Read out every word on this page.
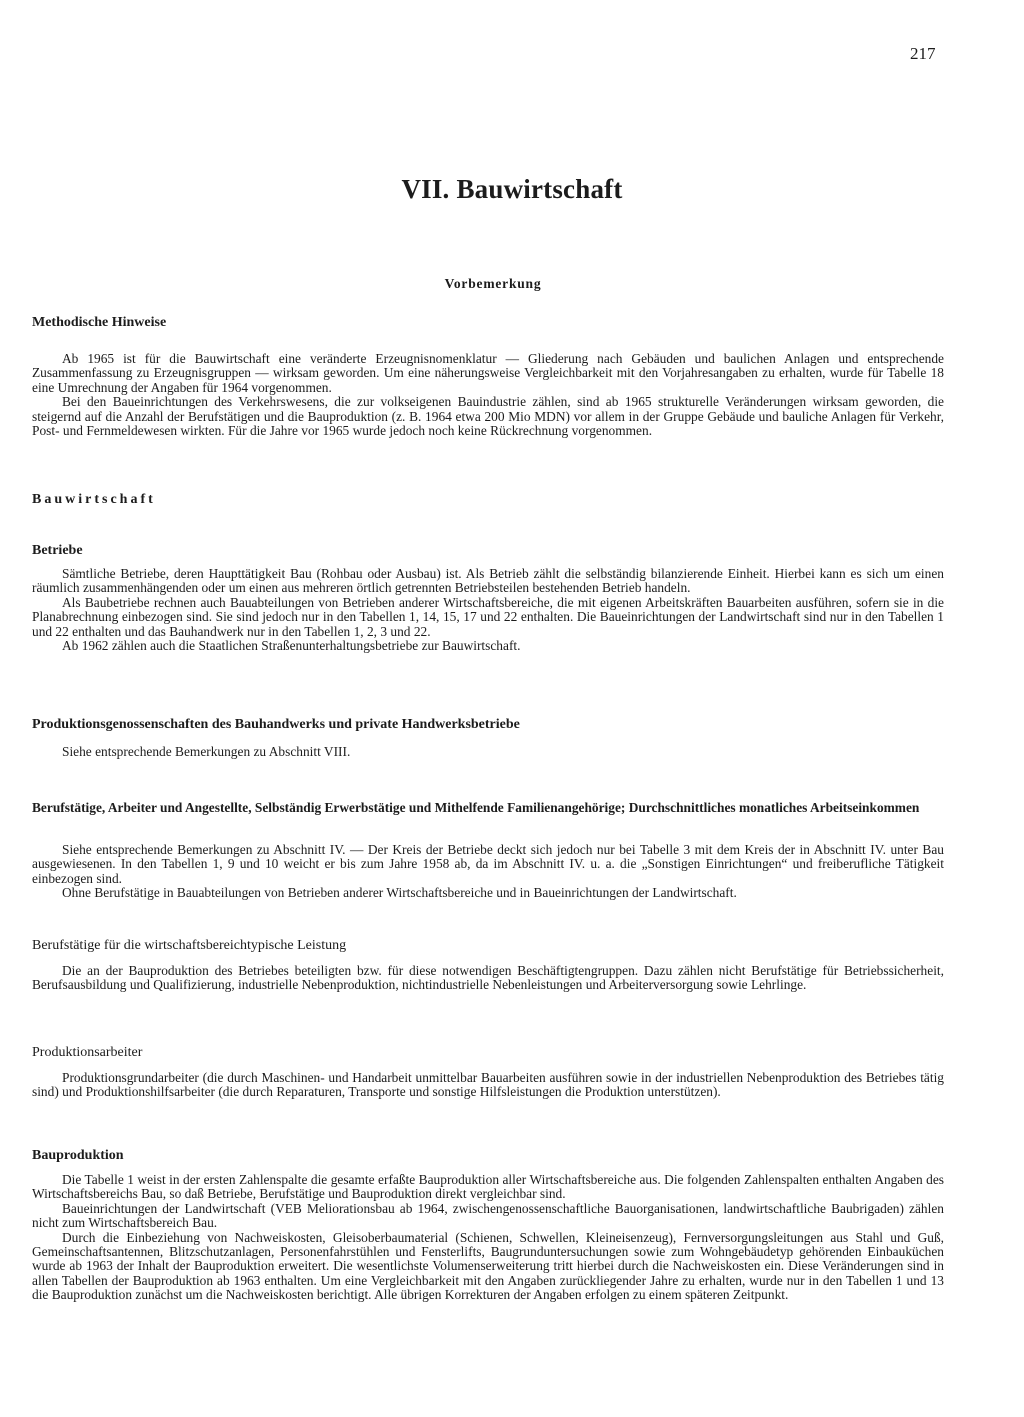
217
VII. Bauwirtschaft
Vorbemerkung
Methodische Hinweise

Ab 1965 ist für die Bauwirtschaft eine veränderte Erzeugnisnomenklatur — Gliederung nach Gebäuden und baulichen Anlagen und entsprechende Zusammenfassung zu Erzeugnisgruppen — wirksam geworden. Um eine näherungsweise Vergleichbarkeit mit den Vorjahresangaben zu erhalten, wurde für Tabelle 18 eine Umrechnung der Angaben für 1964 vorgenommen.

Bei den Baueinrichtungen des Verkehrswesens, die zur volkseigenen Bauindustrie zählen, sind ab 1965 strukturelle Veränderungen wirksam geworden, die steigernd auf die Anzahl der Berufstätigen und die Bauproduktion (z. B. 1964 etwa 200 Mio MDN) vor allem in der Gruppe Gebäude und bauliche Anlagen für Verkehr, Post- und Fernmeldewesen wirkten. Für die Jahre vor 1965 wurde jedoch noch keine Rückrechnung vorgenommen.

Bauwirtschaft
Betriebe

Sämtliche Betriebe, deren Haupttätigkeit Bau (Rohbau oder Ausbau) ist. Als Betrieb zählt die selbständig bilanzierende Einheit. Hierbei kann es sich um einen räumlich zusammenhängenden oder um einen aus mehreren örtlich getrennten Betriebsteilen bestehenden Betrieb handeln.

Als Baubetriebe rechnen auch Bauabteilungen von Betrieben anderer Wirtschaftsbereiche, die mit eigenen Arbeitskräften Bauarbeiten ausführen, sofern sie in die Planabrechnung einbezogen sind. Sie sind jedoch nur in den Tabellen 1, 14, 15, 17 und 22 enthalten. Die Baueinrichtungen der Landwirtschaft sind nur in den Tabellen 1 und 22 enthalten und das Bauhandwerk nur in den Tabellen 1, 2, 3 und 22.

Ab 1962 zählen auch die Staatlichen Straßenunterhaltungsbetriebe zur Bauwirtschaft.

Produktionsgenossenschaften des Bauhandwerks und private Handwerksbetriebe

Siehe entsprechende Bemerkungen zu Abschnitt VIII.

Berufstätige, Arbeiter und Angestellte, Selbständig Erwerbstätige und Mithelfende Familienangehörige; Durchschnittliches monatliches Arbeitseinkommen

Siehe entsprechende Bemerkungen zu Abschnitt IV. — Der Kreis der Betriebe deckt sich jedoch nur bei Tabelle 3 mit dem Kreis der in Abschnitt IV. unter Bau ausgewiesenen. In den Tabellen 1, 9 und 10 weicht er bis zum Jahre 1958 ab, da im Abschnitt IV. u. a. die „Sonstigen Einrichtungen“ und freiberufliche Tätigkeit einbezogen sind.

Ohne Berufstätige in Bauabteilungen von Betrieben anderer Wirtschaftsbereiche und in Baueinrichtungen der Landwirtschaft.

Berufstätige für die wirtschaftsbereichtypische Leistung

Die an der Bauproduktion des Betriebes beteiligten bzw. für diese notwendigen Beschäftigtengruppen. Dazu zählen nicht Berufstätige für Betriebssicherheit, Berufsausbildung und Qualifizierung, industrielle Nebenproduktion, nichtindustrielle Nebenleistungen und Arbeiterversorgung sowie Lehrlinge.

Produktionsarbeiter

Produktionsgrundarbeiter (die durch Maschinen- und Handarbeit unmittelbar Bauarbeiten ausführen sowie in der industriellen Nebenproduktion des Betriebes tätig sind) und Produktionshilfsarbeiter (die durch Reparaturen, Transporte und sonstige Hilfsleistungen die Produktion unterstützen).

Bauproduktion

Die Tabelle 1 weist in der ersten Zahlenspalte die gesamte erfaßte Bauproduktion aller Wirtschaftsbereiche aus. Die folgenden Zahlenspalten enthalten Angaben des Wirtschaftsbereichs Bau, so daß Betriebe, Berufstätige und Bauproduktion direkt vergleichbar sind.

Baueinrichtungen der Landwirtschaft (VEB Meliorationsbau ab 1964, zwischengenossenschaftliche Bauorganisationen, landwirtschaftliche Baubrigaden) zählen nicht zum Wirtschaftsbereich Bau.

Durch die Einbeziehung von Nachweiskosten, Gleisoberbaumaterial (Schienen, Schwellen, Kleineisenzeug), Fernversorgungsleitungen aus Stahl und Guß, Gemeinschaftsantennen, Blitzschutzanlagen, Personenfahrstühlen und Fensterlifts, Baugrunduntersuchungen sowie zum Wohngebäudetyp gehörenden Einbauküchen wurde ab 1963 der Inhalt der Bauproduktion erweitert. Die wesentlichste Volumenserweiterung tritt hierbei durch die Nachweiskosten ein. Diese Veränderungen sind in allen Tabellen der Bauproduktion ab 1963 enthalten. Um eine Vergleichbarkeit mit den Angaben zurückliegender Jahre zu erhalten, wurde nur in den Tabellen 1 und 13 die Bauproduktion zunächst um die Nachweiskosten berichtigt. Alle übrigen Korrekturen der Angaben erfolgen zu einem späteren Zeitpunkt.
